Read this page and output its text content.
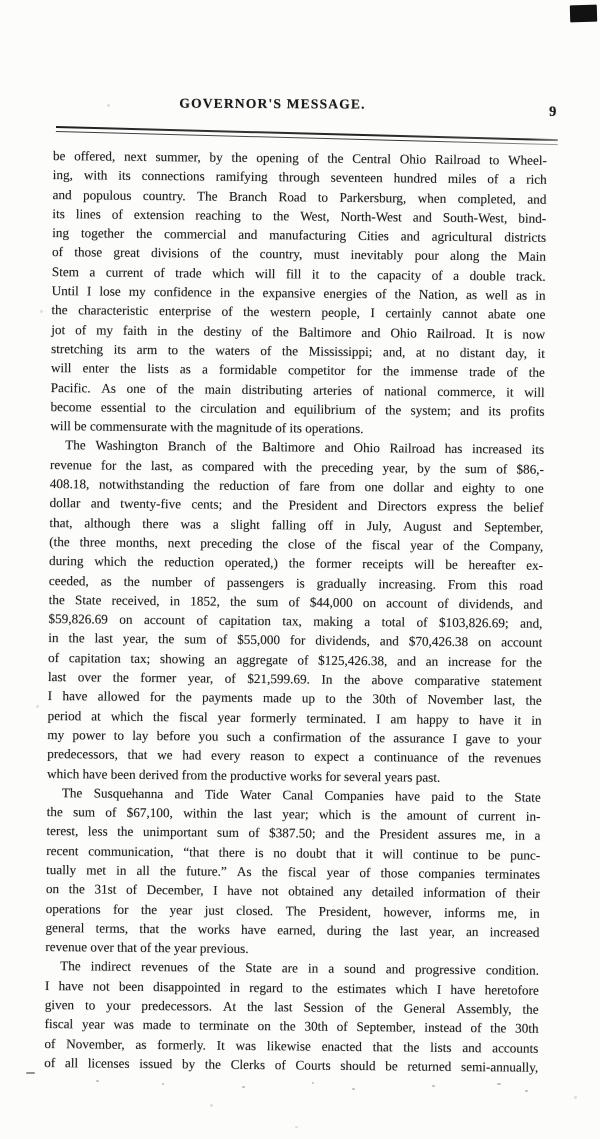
GOVERNOR'S MESSAGE.
9
be offered, next summer, by the opening of the Central Ohio Railroad to Wheel-
ing, with its connections ramifying through seventeen hundred miles of a rich
and populous country. The Branch Road to Parkersburg, when completed, and
its lines of extension reaching to the West, North-West and South-West, bind-
ing together the commercial and manufacturing Cities and agricultural districts
of those great divisions of the country, must inevitably pour along the Main
Stem a current of trade which will fill it to the capacity of a double track.
Until I lose my confidence in the expansive energies of the Nation, as well as in
the characteristic enterprise of the western people, I certainly cannot abate one
jot of my faith in the destiny of the Baltimore and Ohio Railroad. It is now
stretching its arm to the waters of the Mississippi; and, at no distant day, it
will enter the lists as a formidable competitor for the immense trade of the
Pacific. As one of the main distributing arteries of national commerce, it will
become essential to the circulation and equilibrium of the system; and its profits
will be commensurate with the magnitude of its operations.
The Washington Branch of the Baltimore and Ohio Railroad has increased its
revenue for the last, as compared with the preceding year, by the sum of $86,-
408.18, notwithstanding the reduction of fare from one dollar and eighty to one
dollar and twenty-five cents; and the President and Directors express the belief
that, although there was a slight falling off in July, August and September,
(the three months, next preceding the close of the fiscal year of the Company,
during which the reduction operated,) the former receipts will be hereafter ex-
ceeded, as the number of passengers is gradually increasing. From this road
the State received, in 1852, the sum of $44,000 on account of dividends, and
$59,826.69 on account of capitation tax, making a total of $103,826.69; and,
in the last year, the sum of $55,000 for dividends, and $70,426.38 on account
of capitation tax; showing an aggregate of $125,426.38, and an increase for the
last over the former year, of $21,599.69. In the above comparative statement
I have allowed for the payments made up to the 30th of November last, the
period at which the fiscal year formerly terminated. I am happy to have it in
my power to lay before you such a confirmation of the assurance I gave to your
predecessors, that we had every reason to expect a continuance of the revenues
which have been derived from the productive works for several years past.
The Susquehanna and Tide Water Canal Companies have paid to the State
the sum of $67,100, within the last year; which is the amount of current in-
terest, less the unimportant sum of $387.50; and the President assures me, in a
recent communication, “that there is no doubt that it will continue to be punc-
tually met in all the future.” As the fiscal year of those companies terminates
on the 31st of December, I have not obtained any detailed information of their
operations for the year just closed. The President, however, informs me, in
general terms, that the works have earned, during the last year, an increased
revenue over that of the year previous.
The indirect revenues of the State are in a sound and progressive condition.
I have not been disappointed in regard to the estimates which I have heretofore
given to your predecessors. At the last Session of the General Assembly, the
fiscal year was made to terminate on the 30th of September, instead of the 30th
of November, as formerly. It was likewise enacted that the lists and accounts
of all licenses issued by the Clerks of Courts should be returned semi-annually,
